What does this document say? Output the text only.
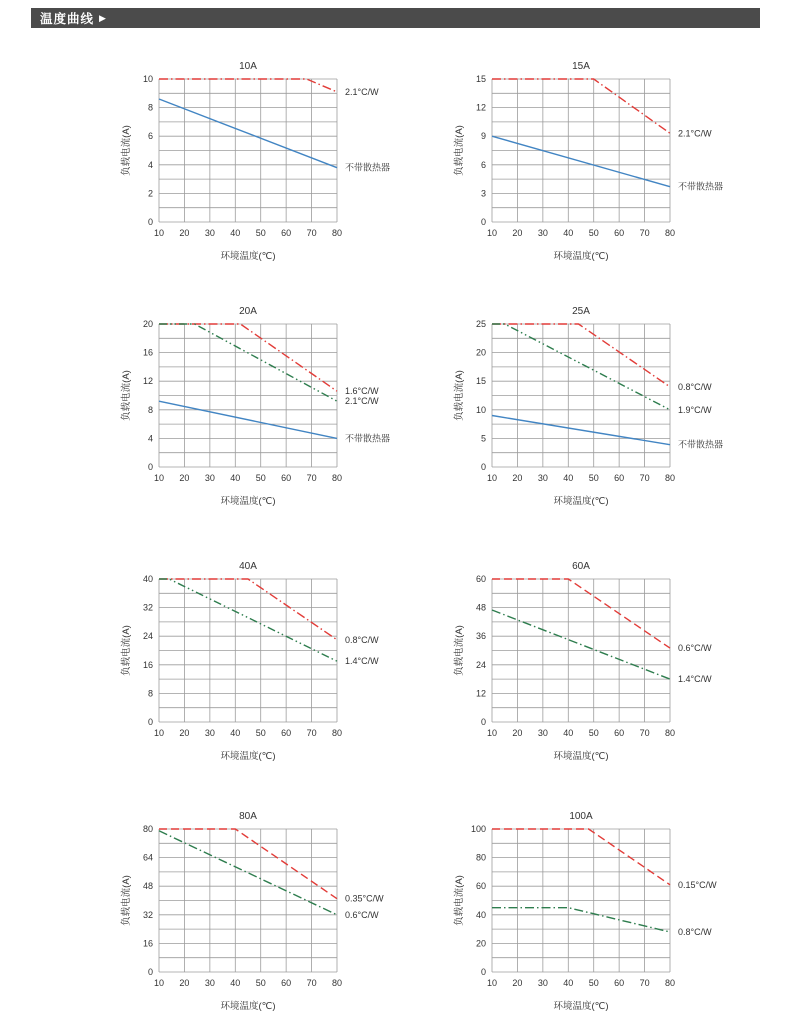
温度曲线 ▶
10A
0
2
4
6
8
10
10 20 30 40 50 60 70 80
负载电流(A)
环境温度(℃)
2.1°C/W
不带散热器
15A
0
3
6
9
12
15
10 20 30 40 50 60 70 80
负载电流(A)
环境温度(℃)
2.1°C/W
不带散热器
20A
0
4
8
12
16
20
10 20 30 40 50 60 70 80
负载电流(A)
环境温度(℃)
1.6°C/W
2.1°C/W
不带散热器
25A
0
5
10
15
20
25
10 20 30 40 50 60 70 80
负载电流(A)
环境温度(℃)
0.8°C/W
1.9°C/W
不带散热器
40A
0
8
16
24
32
40
10 20 30 40 50 60 70 80
负载电流(A)
环境温度(℃)
0.8°C/W
1.4°C/W
60A
0
12
24
36
48
60
10 20 30 40 50 60 70 80
负载电流(A)
环境温度(℃)
0.6°C/W
1.4°C/W
80A
0
16
32
48
64
80
10 20 30 40 50 60 70 80
负载电流(A)
环境温度(℃)
0.35°C/W
0.6°C/W
100A
0
20
40
60
80
100
10 20 30 40 50 60 70 80
负载电流(A)
环境温度(℃)
0.15°C/W
0.8°C/W
